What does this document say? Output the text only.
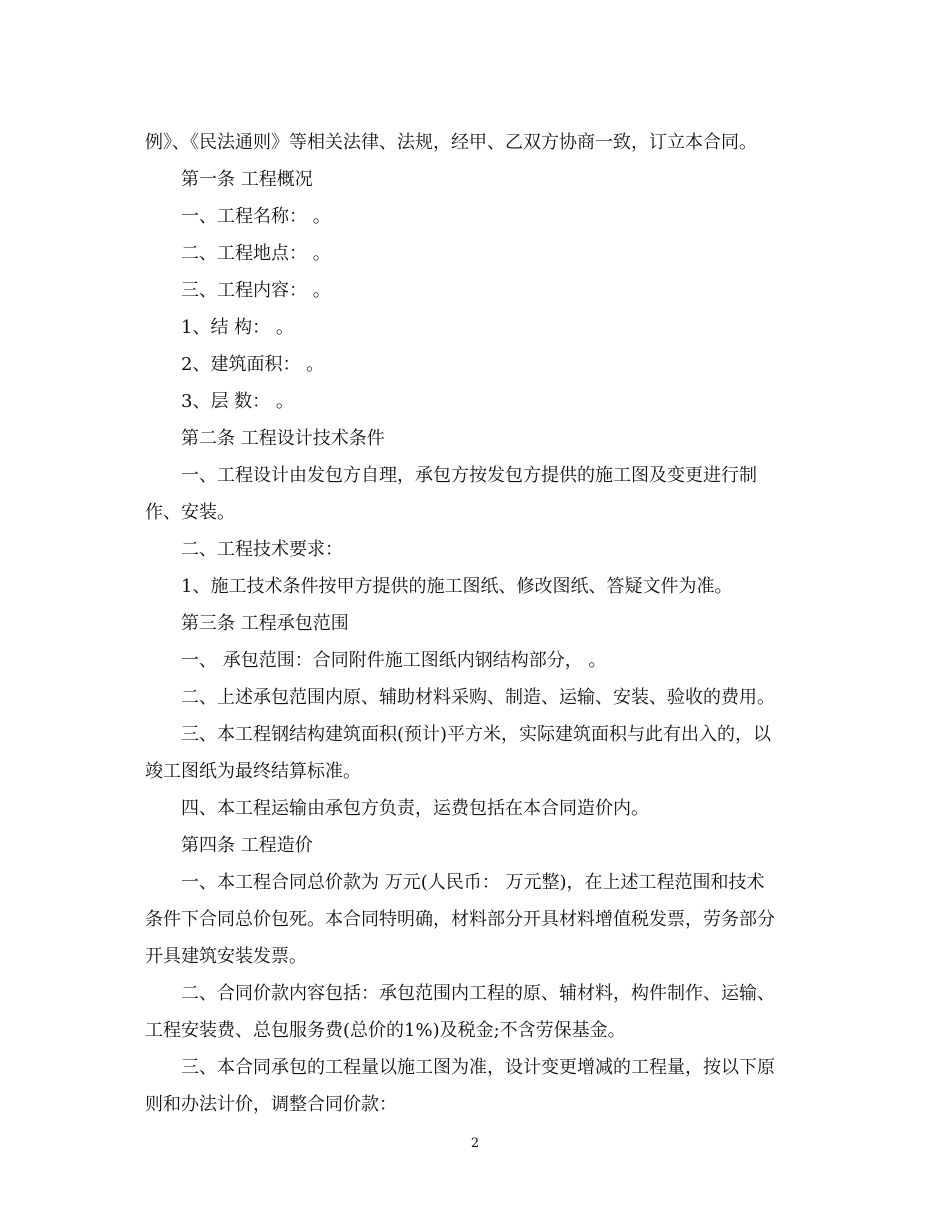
例》、《民法通则》等相关法律、法规，经甲、乙双方协商一致，订立本合同。

第一条 工程概况

一、工程名称： 。

二、工程地点： 。

三、工程内容： 。

1、结 构： 。

2、建筑面积： 。

3、层 数： 。

第二条 工程设计技术条件

一、工程设计由发包方自理，承包方按发包方提供的施工图及变更进行制

作、安装。

二、工程技术要求：

1、施工技术条件按甲方提供的施工图纸、修改图纸、答疑文件为准。

第三条 工程承包范围

一、 承包范围：合同附件施工图纸内钢结构部分， 。

二、上述承包范围内原、辅助材料采购、制造、运输、安装、验收的费用。

三、本工程钢结构建筑面积(预计)平方米，实际建筑面积与此有出入的，以

竣工图纸为最终结算标准。

四、本工程运输由承包方负责，运费包括在本合同造价内。

第四条 工程造价

一、本工程合同总价款为 万元(人民币： 万元整)，在上述工程范围和技术

条件下合同总价包死。本合同特明确，材料部分开具材料增值税发票，劳务部分

开具建筑安装发票。

二、合同价款内容包括：承包范围内工程的原、辅材料，构件制作、运输、

工程安装费、总包服务费(总价的1%)及税金;不含劳保基金。

三、本合同承包的工程量以施工图为准，设计变更增减的工程量，按以下原

则和办法计价，调整合同价款：

2
